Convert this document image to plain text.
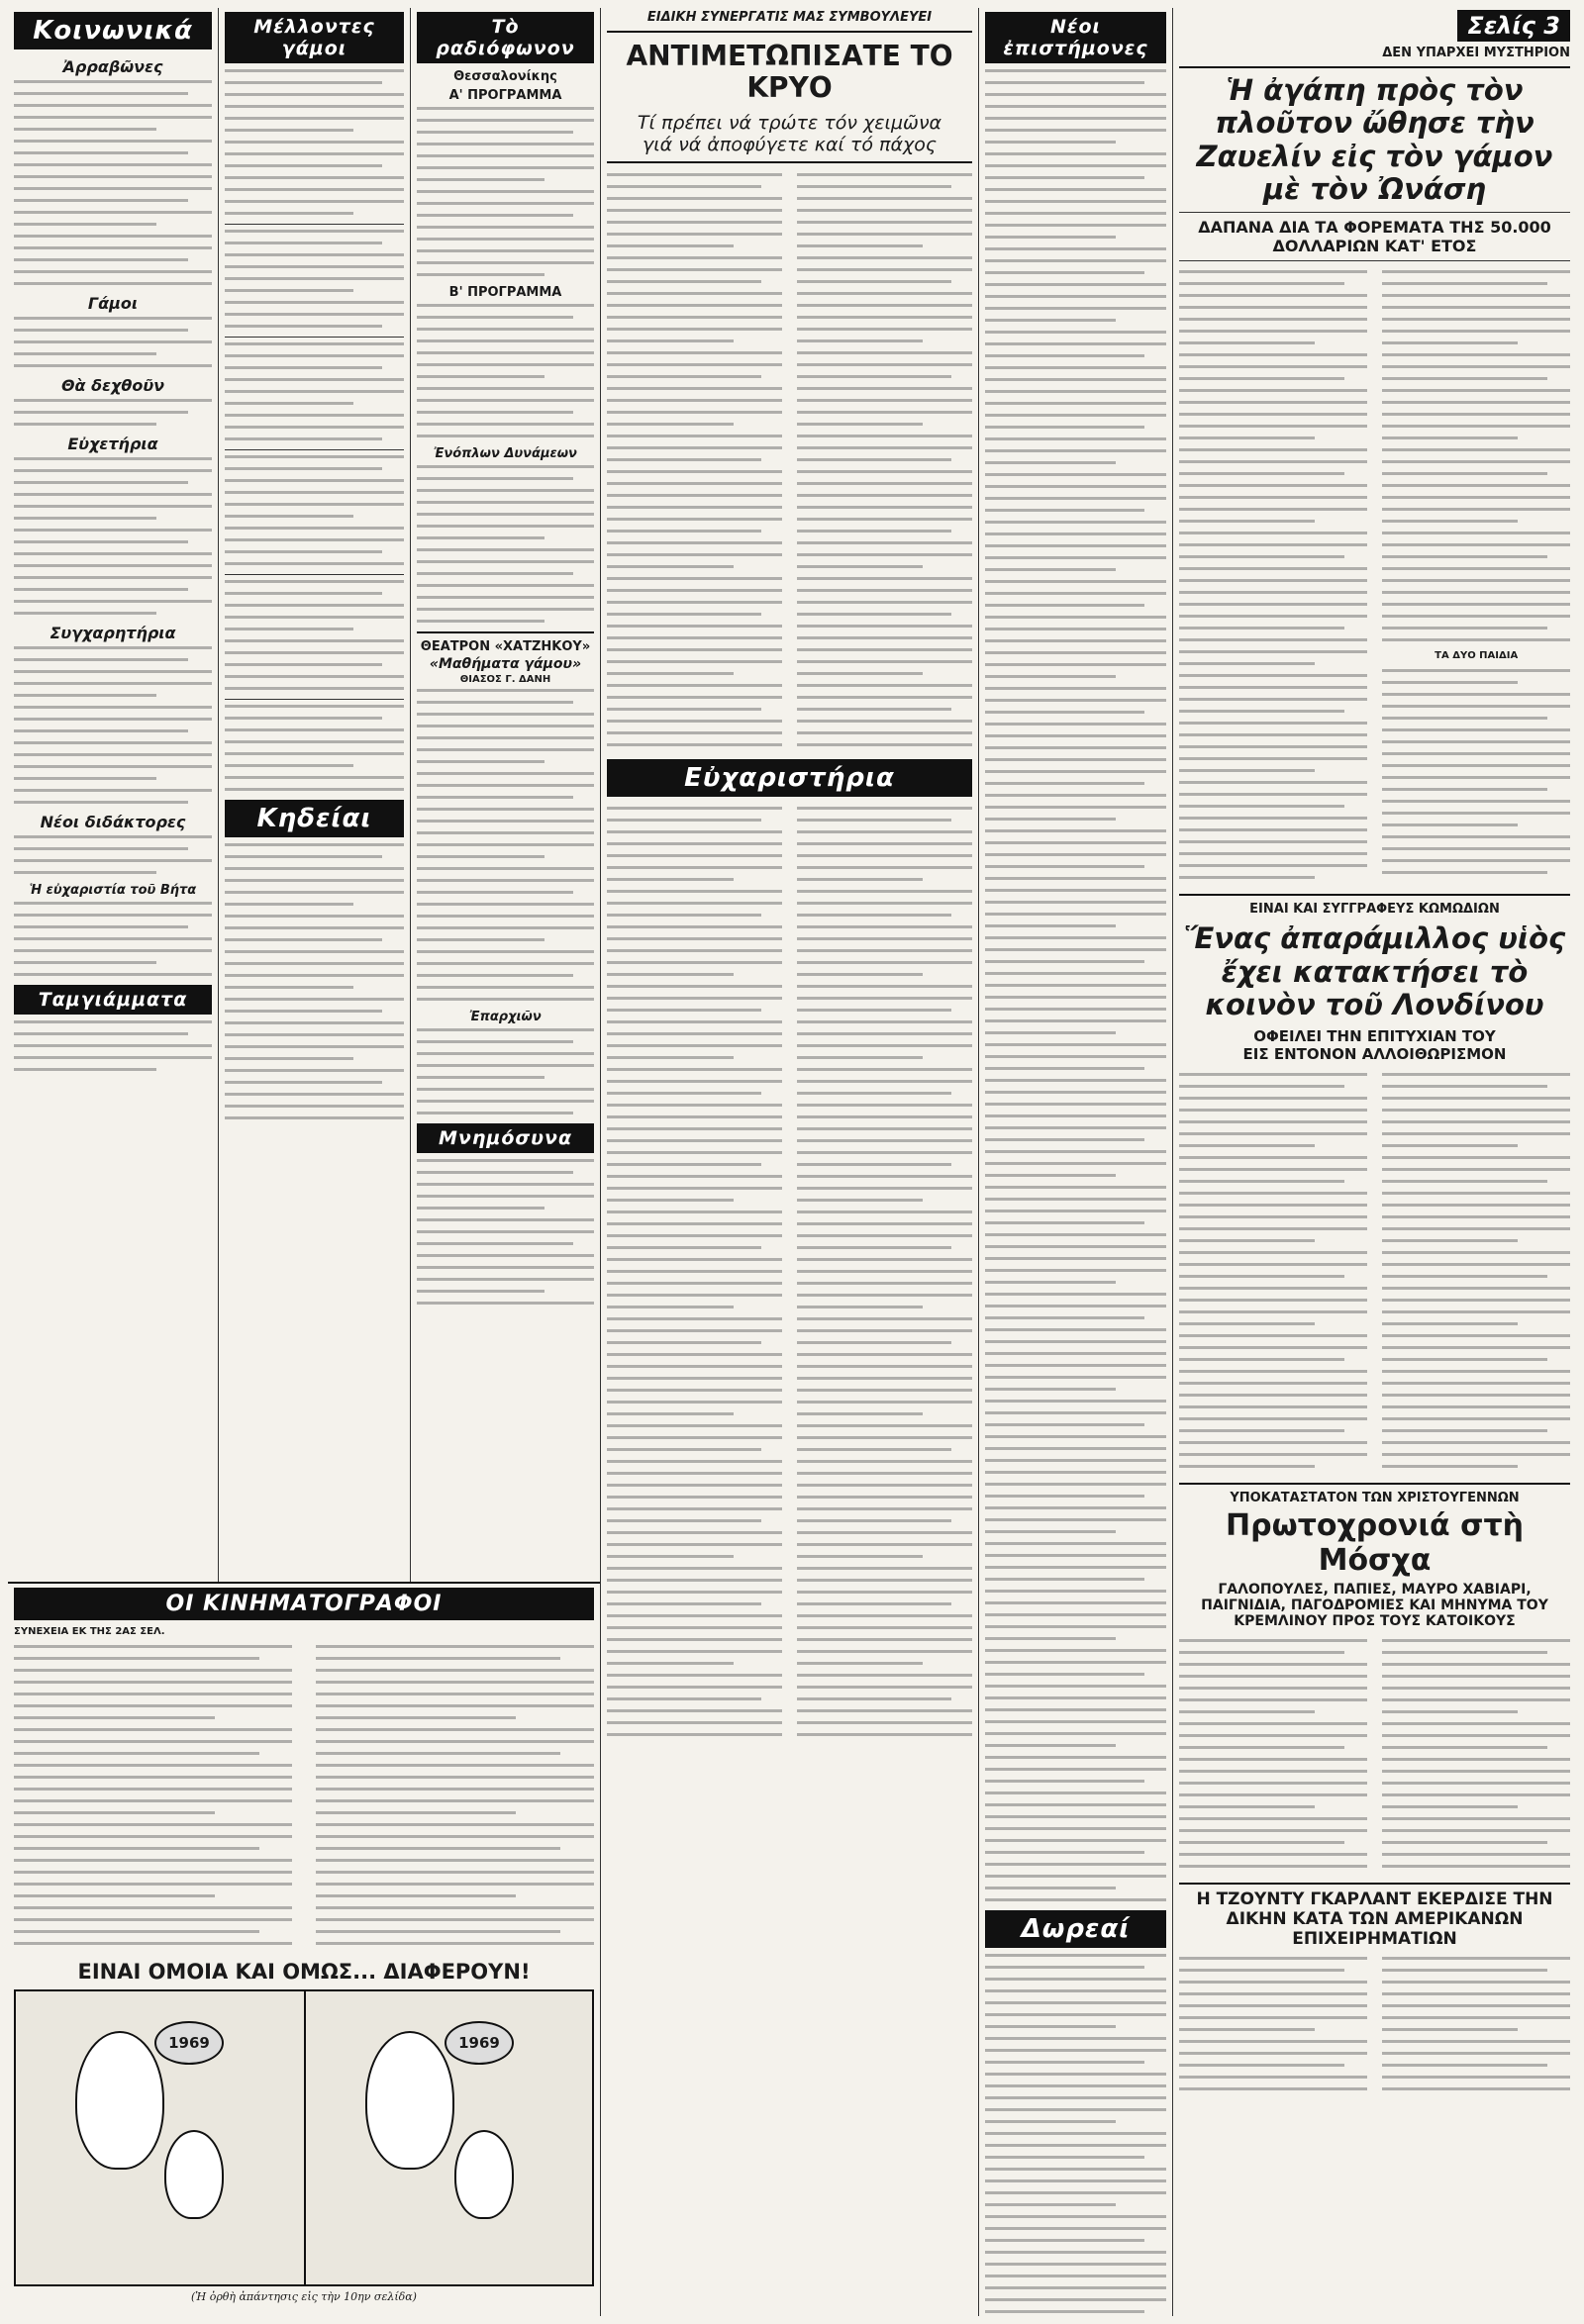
Κοινωνικά
Ἀρραβῶνες
Γάμοι
Θὰ δεχθοῦν
Εὐχετήρια
Συγχαρητήρια
Νέοι διδάκτορες
Ἡ εὐχαριστία τοῦ Βήτα
Ταμγιάμματα
Μέλλοντες γάμοι
Κηδείαι
Τὸ ραδιόφωνον
Θεσσαλονίκης
Α' ΠΡΟΓΡΑΜΜΑ
Β' ΠΡΟΓΡΑΜΜΑ
Ἐνόπλων Δυνάμεων
ΘΕΑΤΡΟΝ «ΧΑΤΖΗΚΟΥ»
«Μαθήματα γάμου»
ΘΙΑΣΟΣ Γ. ΔΑΝΗ
Ἐπαρχιῶν
Μνημόσυνα
ΕΙΔΙΚΗ ΣΥΝΕΡΓΑΤΙΣ ΜΑΣ ΣΥΜΒΟΥΛΕΥΕΙ
ΑΝΤΙΜΕΤΩΠΙΣΑΤΕ ΤΟ ΚΡΥΟ
Τί πρέπει νά τρώτε τόν χειμῶνα
γιά νά ἀποφύγετε καί τό πάχος
Εὐχαριστήρια
Νέοι ἐπιστήμονες
Δωρεαί
Σελίς 3
ΔΕΝ ΥΠΑΡΧΕΙ ΜΥΣΤΗΡΙΟΝ
Ἡ ἀγάπη πρὸς τὸν πλοῦτον ὤθησε τὴν Ζαυελίν εἰς τὸν γάμον μὲ τὸν Ὠνάση
ΔΑΠΑΝΑ ΔΙΑ ΤΑ ΦΟΡΕΜΑΤΑ ΤΗΣ 50.000 ΔΟΛΛΑΡΙΩΝ ΚΑΤ' ΕΤΟΣ
ΤΑ ΔΥΟ ΠΑΙΔΙΑ
ΕΙΝΑΙ ΚΑΙ ΣΥΓΓΡΑΦΕΥΣ ΚΩΜΩΔΙΩΝ
Ἕνας ἀπαράμιλλος υἱὸς ἔχει κατακτήσει τὸ κοινὸν τοῦ Λονδίνου
ΟΦΕΙΛΕΙ ΤΗΝ ΕΠΙΤΥΧΙΑΝ ΤΟΥ
ΕΙΣ ΕΝΤΟΝΟΝ ΑΛΛΟΙΘΩΡΙΣΜΟΝ
ΥΠΟΚΑΤΑΣΤΑΤΟΝ ΤΩΝ ΧΡΙΣΤΟΥΓΕΝΝΩΝ
Πρωτοχρονιά στὴ Μόσχα
ΓΑΛΟΠΟΥΛΕΣ, ΠΑΠΙΕΣ, ΜΑΥΡΟ ΧΑΒΙΑΡΙ, ΠΑΙΓΝΙΔΙΑ, ΠΑΓΟΔΡΟΜΙΕΣ ΚΑΙ ΜΗΝΥΜΑ ΤΟΥ ΚΡΕΜΛΙΝΟΥ ΠΡΟΣ ΤΟΥΣ ΚΑΤΟΙΚΟΥΣ
Η ΤΖΟΥΝΤΥ ΓΚΑΡΛΑΝΤ ΕΚΕΡΔΙΣΕ ΤΗΝ ΔΙΚΗΝ ΚΑΤΑ ΤΩΝ ΑΜΕΡΙΚΑΝΩΝ ΕΠΙΧΕΙΡΗΜΑΤΙΩΝ
ΟΙ ΚΙΝΗΜΑΤΟΓΡΑΦΟΙ
ΣΥΝΕΧΕΙΑ ΕΚ ΤΗΣ 2ΑΣ ΣΕΛ.
ΕΙΝΑΙ ΟΜΟΙΑ ΚΑΙ ΟΜΩΣ... ΔΙΑΦΕΡΟΥΝ!
1969	1969
(Ἡ ὀρθὴ ἀπάντησις εἰς τὴν 10ην σελίδα)
